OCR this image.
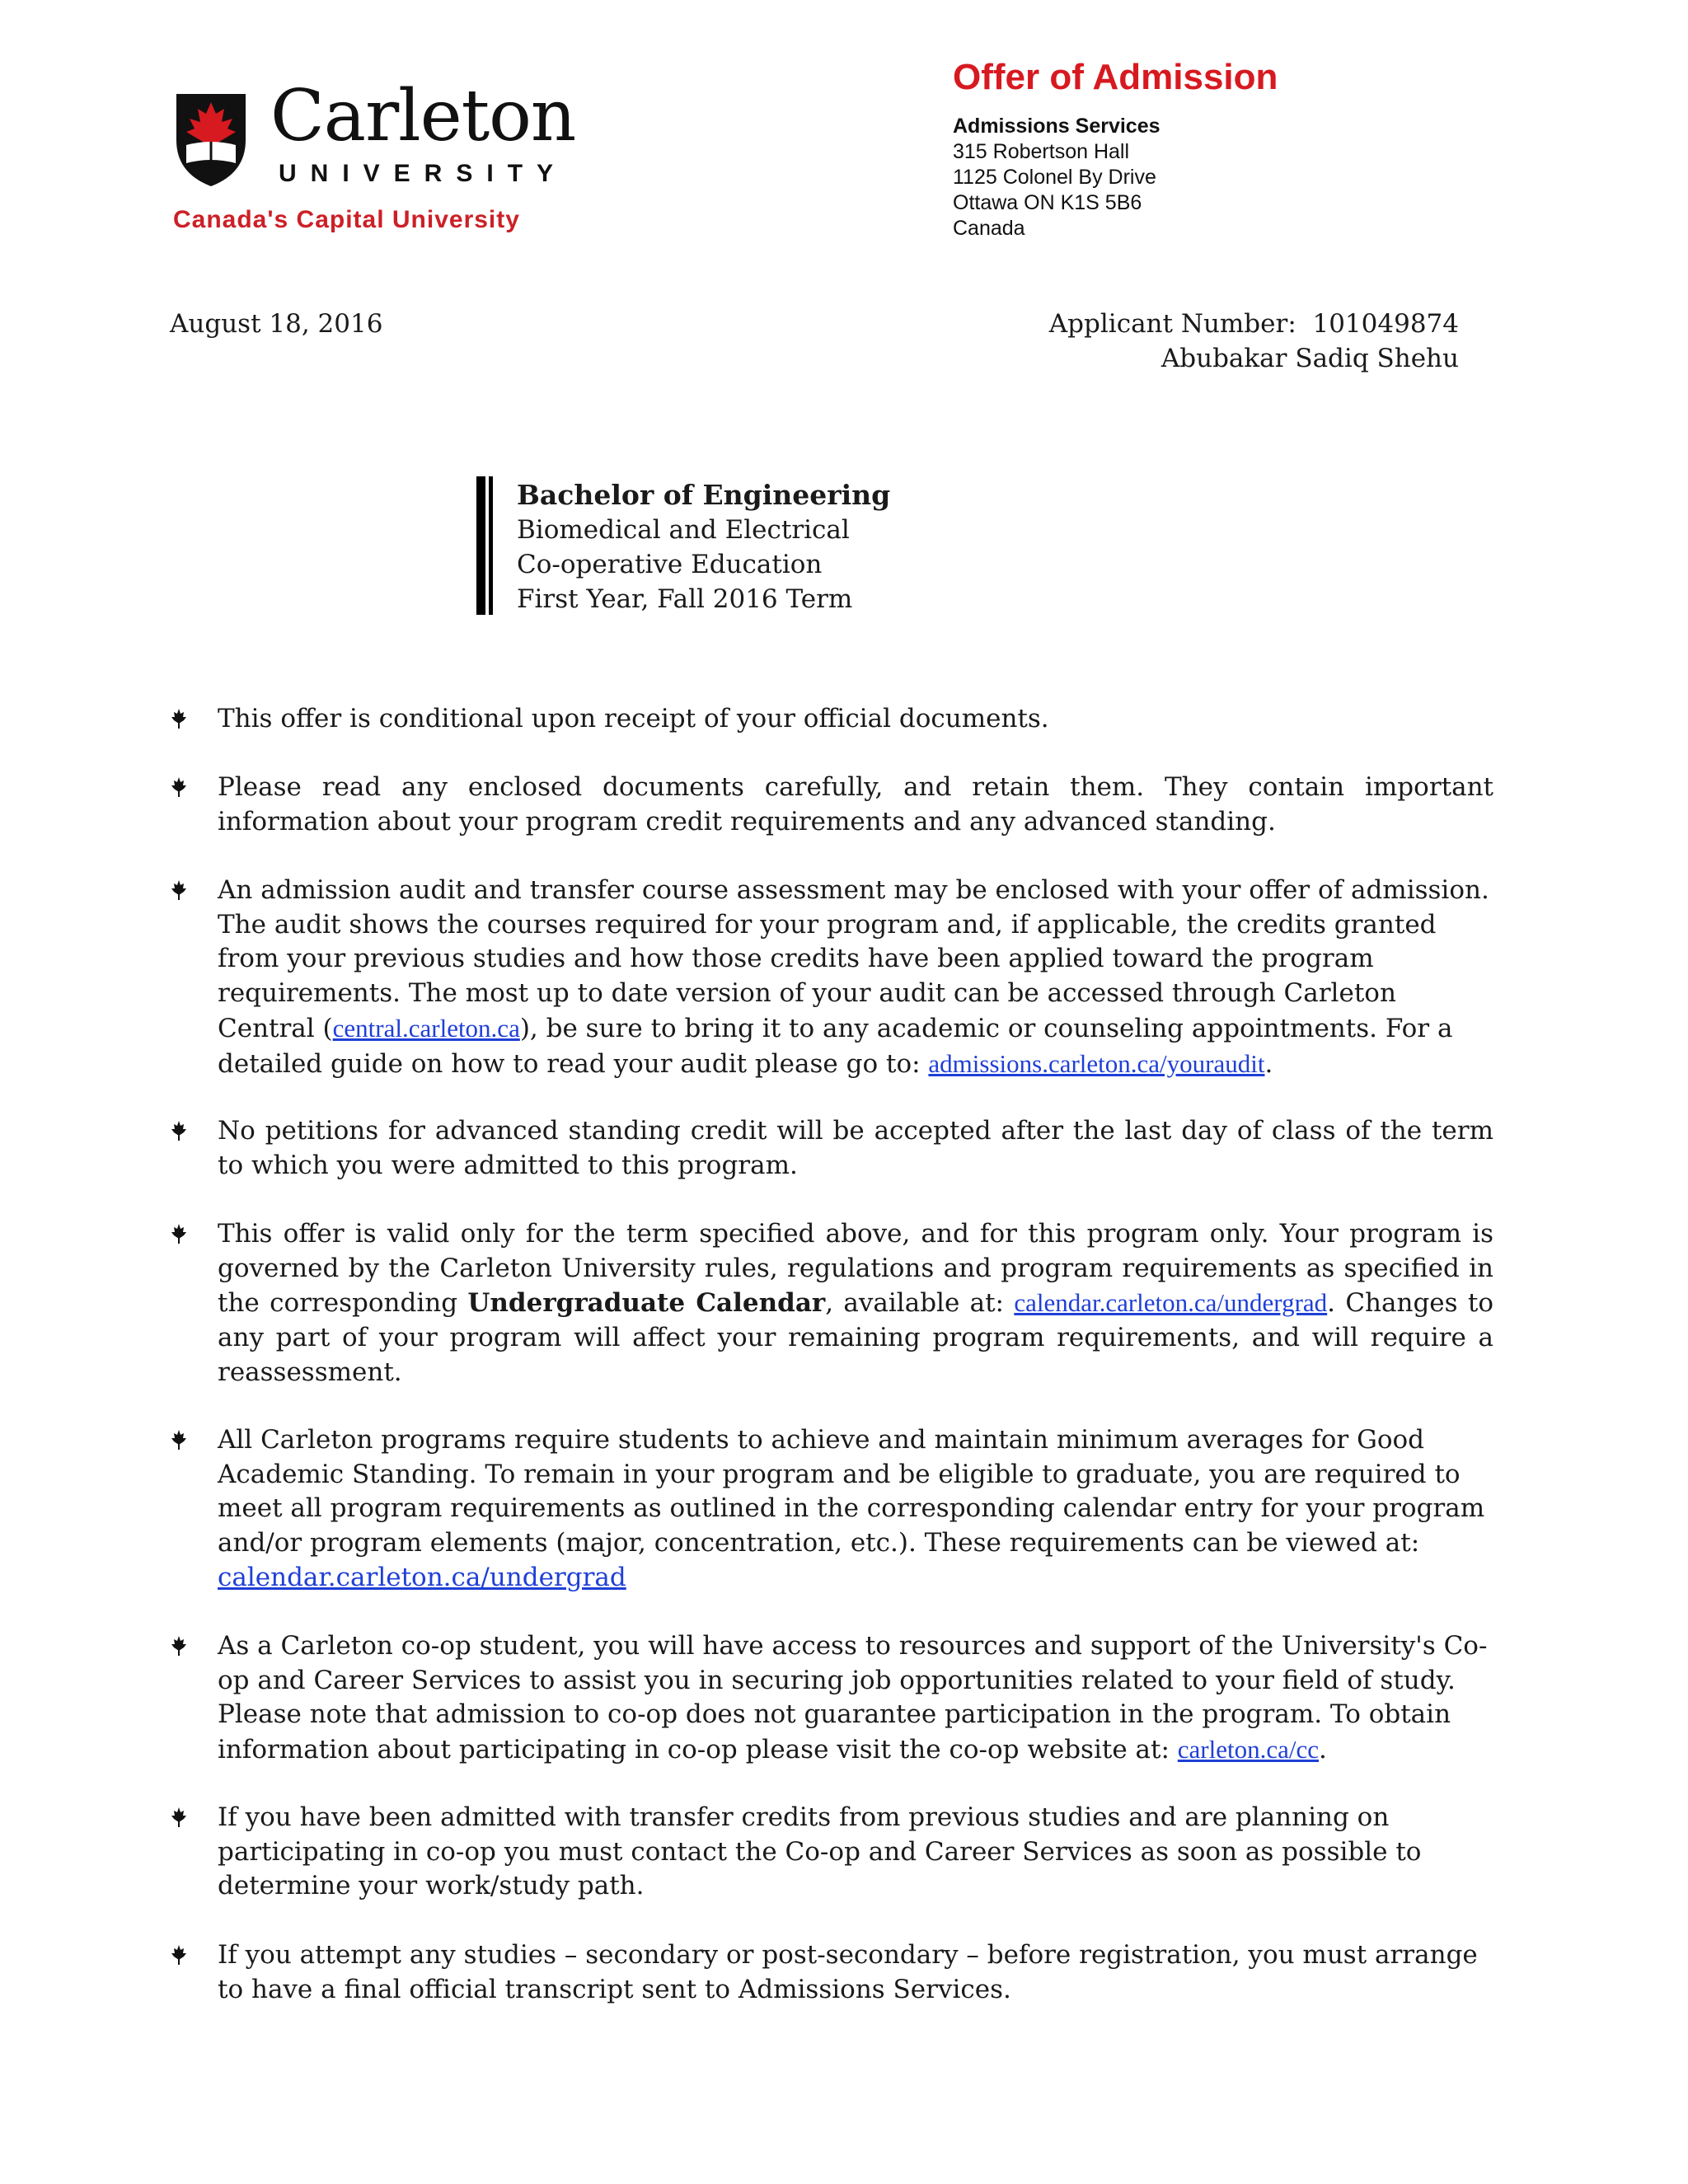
Carleton
UNIVERSITY
Canada's Capital University
Offer of Admission
Admissions Services
315 Robertson Hall
1125 Colonel By Drive
Ottawa ON K1S 5B6
Canada
August 18, 2016	Applicant Number: 101049874
Abubakar Sadiq Shehu
Bachelor of Engineering
Biomedical and Electrical
Co-operative Education
First Year, Fall 2016 Term
This offer is conditional upon receipt of your official documents.
Please read any enclosed documents carefully, and retain them. They contain important information about your program credit requirements and any advanced standing.
An admission audit and transfer course assessment may be enclosed with your offer of admission. The audit shows the courses required for your program and, if applicable, the credits granted from your previous studies and how those credits have been applied toward the program requirements. The most up to date version of your audit can be accessed through Carleton Central (central.carleton.ca), be sure to bring it to any academic or counseling appointments. For a detailed guide on how to read your audit please go to: admissions.carleton.ca/youraudit.
No petitions for advanced standing credit will be accepted after the last day of class of the term to which you were admitted to this program.
This offer is valid only for the term specified above, and for this program only. Your program is governed by the Carleton University rules, regulations and program requirements as specified in the corresponding Undergraduate Calendar, available at: calendar.carleton.ca/undergrad. Changes to any part of your program will affect your remaining program requirements, and will require a reassessment.
All Carleton programs require students to achieve and maintain minimum averages for Good Academic Standing. To remain in your program and be eligible to graduate, you are required to meet all program requirements as outlined in the corresponding calendar entry for your program and/or program elements (major, concentration, etc.). These requirements can be viewed at: calendar.carleton.ca/undergrad
As a Carleton co-op student, you will have access to resources and support of the University's Co-op and Career Services to assist you in securing job opportunities related to your field of study. Please note that admission to co-op does not guarantee participation in the program. To obtain information about participating in co-op please visit the co-op website at: carleton.ca/cc.
If you have been admitted with transfer credits from previous studies and are planning on participating in co-op you must contact the Co-op and Career Services as soon as possible to determine your work/study path.
If you attempt any studies – secondary or post-secondary – before registration, you must arrange to have a final official transcript sent to Admissions Services.
